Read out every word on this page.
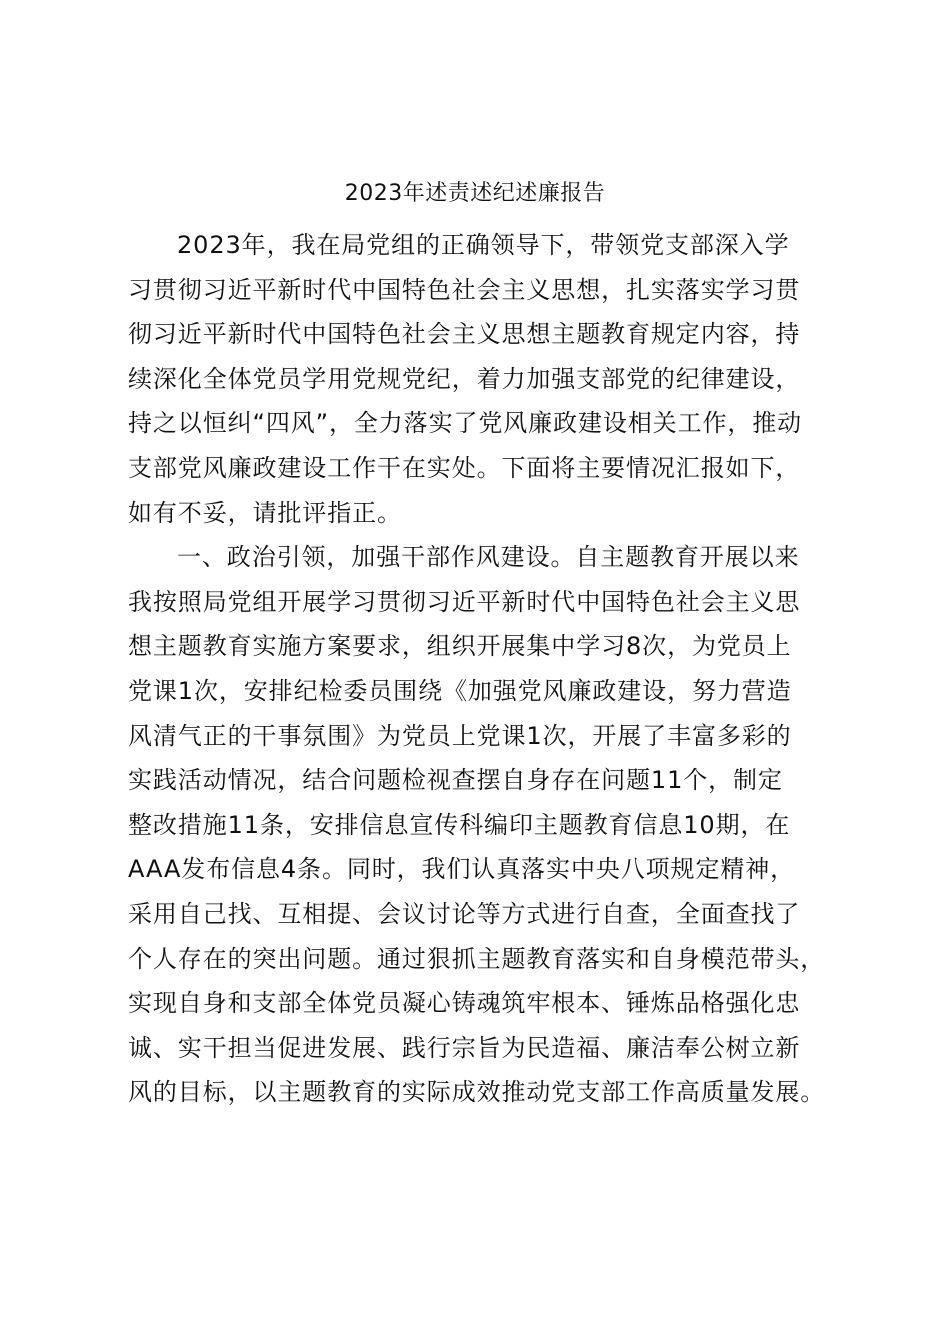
2023年述责述纪述廉报告
2023年，我在局党组的正确领导下，带领党支部深入学
习贯彻习近平新时代中国特色社会主义思想，扎实落实学习贯
彻习近平新时代中国特色社会主义思想主题教育规定内容，持
续深化全体党员学用党规党纪，着力加强支部党的纪律建设，
持之以恒纠“四风”，全力落实了党风廉政建设相关工作，推动
支部党风廉政建设工作干在实处。下面将主要情况汇报如下，
如有不妥，请批评指正。
一、政治引领，加强干部作风建设。自主题教育开展以来
我按照局党组开展学习贯彻习近平新时代中国特色社会主义思
想主题教育实施方案要求，组织开展集中学习8次，为党员上
党课1次，安排纪检委员围绕《加强党风廉政建设，努力营造
风清气正的干事氛围》为党员上党课1次，开展了丰富多彩的
实践活动情况，结合问题检视查摆自身存在问题11个，制定
整改措施11条，安排信息宣传科编印主题教育信息10期，在
AAA发布信息4条。同时，我们认真落实中央八项规定精神，
采用自己找、互相提、会议讨论等方式进行自查，全面查找了
个人存在的突出问题。通过狠抓主题教育落实和自身模范带头，
实现自身和支部全体党员凝心铸魂筑牢根本、锤炼品格强化忠
诚、实干担当促进发展、践行宗旨为民造福、廉洁奉公树立新
风的目标，以主题教育的实际成效推动党支部工作高质量发展。
